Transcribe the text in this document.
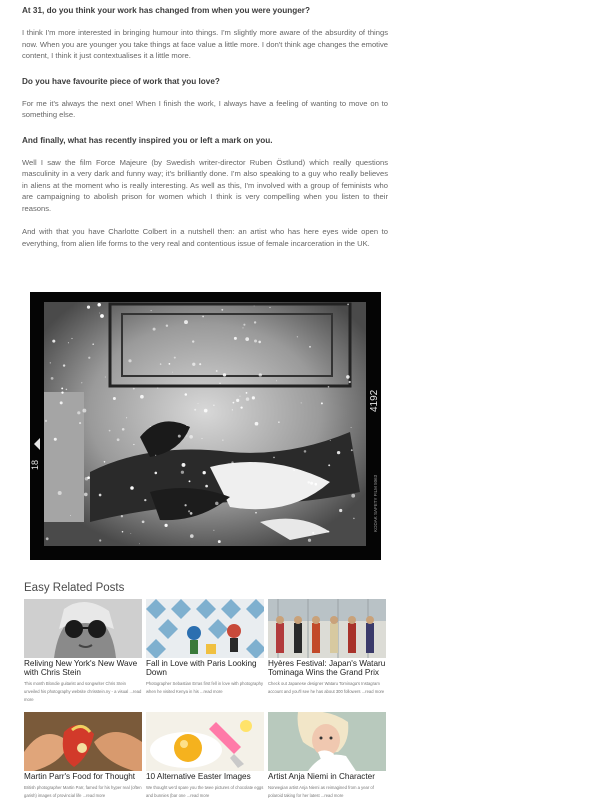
At 31, do you think your work has changed from when you were younger?

I think I'm more interested in bringing humour into things. I'm slightly more aware of the absurdity of things now. When you are younger you take things at face value a little more. I don't think age changes the emotive content, I think it just contextualises it a little more.

Do you have favourite piece of work that you love?

For me it's always the next one! When I finish the work, I always have a feeling of wanting to move on to something else.

And finally, what has recently inspired you or left a mark on you.

Well I saw the film Force Majeure (by Swedish writer-director Ruben Östlund) which really questions masculinity in a very dark and funny way; it's brilliantly done. I'm also speaking to a guy who really believes in aliens at the moment who is really interesting. As well as this, I'm involved with a group of feminists who are campaigning to abolish prison for women which I think is very compelling when you listen to their reasons.

And with that you have Charlotte Colbert in a nutshell then: an artist who has here eyes wide open to everything, from alien life forms to the very real and contentious issue of female incarceration in the UK.

18
4192
KODAK SAFETY FILM 5063
Easy Related Posts
Reliving New York's New Wave with Chris Stein
This month Blondie guitarist and songwriter Chris Stein unveiled his photography website chrisstein.ny - a visual ...read more
Fall in Love with Paris Looking Down
Photographer Sebastian Erras first fell in love with photography when he visited Kenya in his ...read more
Hyères Festival: Japan's Wataru Tominaga Wins the Grand Prix
Check out Japanese designer Wataru Tominaga's Instagram account and you'll see he has about 300 followers ...read more
Martin Parr's Food for Thought
British photographer Martin Parr, famed for his hyper real (often garish) images of provincial life ...read more
10 Alternative Easter Images
We thought we'd spare you the twee pictures of chocolate eggs and bunnies (bar one ...read more
Artist Anja Niemi in Character
Norwegian artist Anja Niemi as reimagined from a year of polaroid taking for her latest ...read more
